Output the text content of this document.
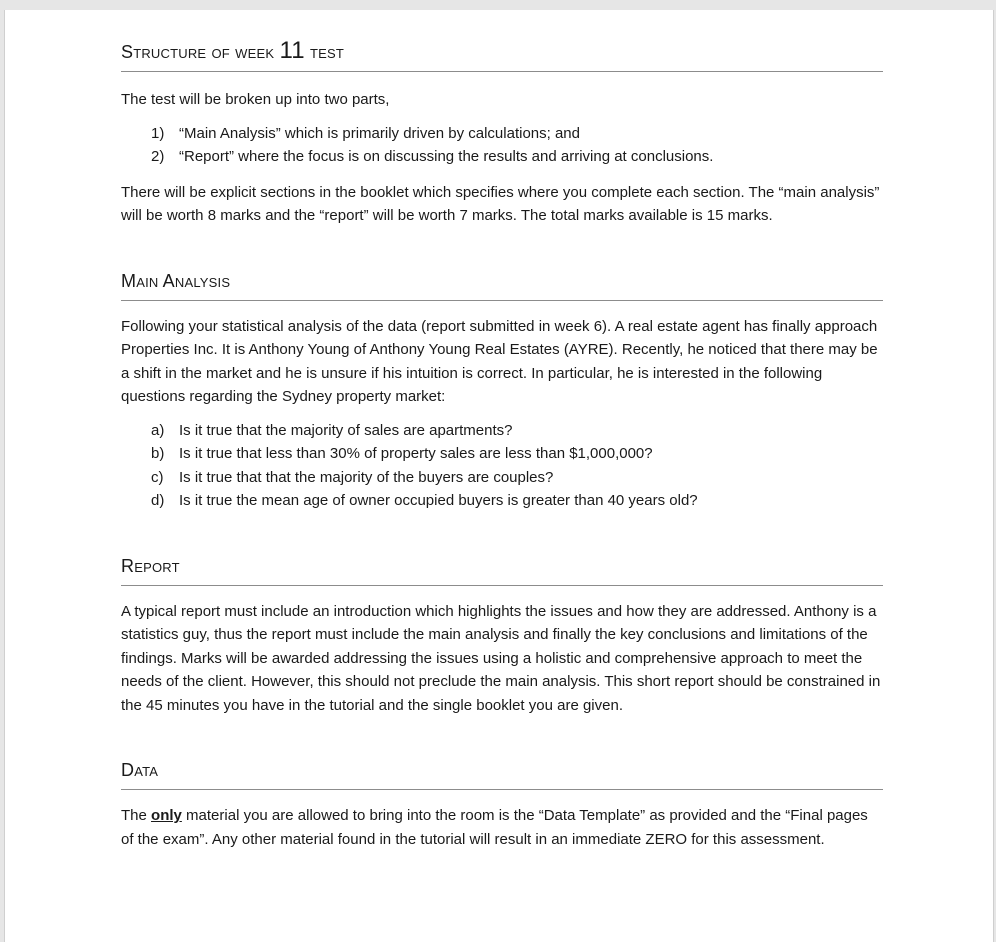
Structure of week 11 test

The test will be broken up into two parts,

1) “Main Analysis” which is primarily driven by calculations; and
2) “Report” where the focus is on discussing the results and arriving at conclusions.

There will be explicit sections in the booklet which specifies where you complete each section. The “main analysis” will be worth 8 marks and the “report” will be worth 7 marks. The total marks available is 15 marks.

Main Analysis

Following your statistical analysis of the data (report submitted in week 6). A real estate agent has finally approach Properties Inc. It is Anthony Young of Anthony Young Real Estates (AYRE). Recently, he noticed that there may be a shift in the market and he is unsure if his intuition is correct. In particular, he is interested in the following questions regarding the Sydney property market:

a) Is it true that the majority of sales are apartments?
b) Is it true that less than 30% of property sales are less than $1,000,000?
c) Is it true that that the majority of the buyers are couples?
d) Is it true the mean age of owner occupied buyers is greater than 40 years old?
Report

A typical report must include an introduction which highlights the issues and how they are addressed. Anthony is a statistics guy, thus the report must include the main analysis and finally the key conclusions and limitations of the findings. Marks will be awarded addressing the issues using a holistic and comprehensive approach to meet the needs of the client. However, this should not preclude the main analysis. This short report should be constrained in the 45 minutes you have in the tutorial and the single booklet you are given.

Data

The only material you are allowed to bring into the room is the “Data Template” as provided and the “Final pages of the exam”. Any other material found in the tutorial will result in an immediate ZERO for this assessment.
